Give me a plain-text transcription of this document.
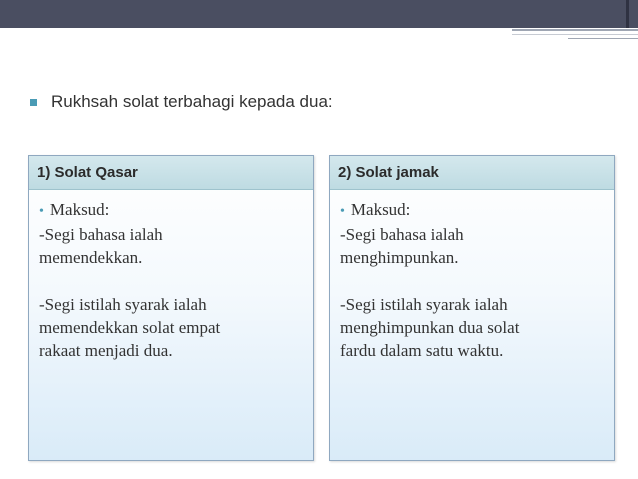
Rukhsah solat terbahagi kepada dua:
1) Solat Qasar

• Maksud:

-Segi bahasa ialah

memendekkan.

-Segi istilah syarak ialah

memendekkan solat empat

rakaat menjadi dua.

2) Solat jamak

• Maksud:

-Segi bahasa ialah

menghimpunkan.

-Segi istilah syarak ialah

menghimpunkan dua solat

fardu dalam satu waktu.
